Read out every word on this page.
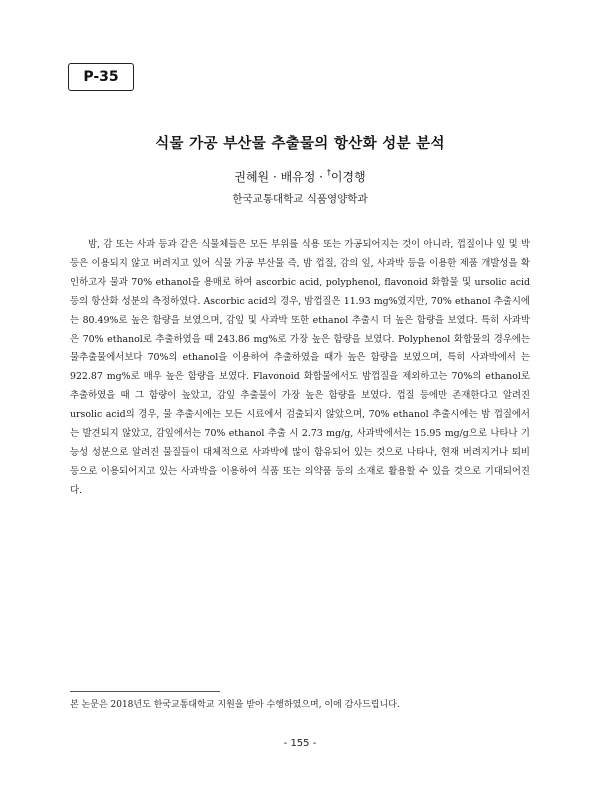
P-35
식물 가공 부산물 추출물의 항산화 성분 분석
권혜원 · 배유정 · †이경행
한국교통대학교 식품영양학과

밤, 감 또는 사과 등과 같은 식물체들은 모든 부위를 식용 또는 가공되어지는 것이 아니라, 껍질이나 잎 및 박 등은 이용되지 않고 버려지고 있어 식물 가공 부산물 즉, 밤 껍질, 감의 잎, 사과박 등을 이용한 제품 개발성을 확인하고자 물과 70% ethanol을 용매로 하여 ascorbic acid, polyphenol, flavonoid 화합물 및 ursolic acid 등의 항산화 성분의 측정하였다. Ascorbic acid의 경우, 밤껍질은 11.93 mg%였지만, 70% ethanol 추출시에는 80.49%로 높은 함량을 보였으며, 감잎 및 사과박 또한 ethanol 추출시 더 높은 함량을 보였다. 특히 사과박은 70% ethanol로 추출하였을 때 243.86 mg%로 가장 높은 함량을 보였다. Polyphenol 화합물의 경우에는 물추출물에서보다 70%의 ethanol을 이용하여 추출하였을 때가 높은 함량을 보였으며, 특히 사과박에서 는 922.87 mg%로 매우 높은 함량을 보였다. Flavonoid 화합물에서도 밤껍질을 제외하고는 70%의 ethanol로 추출하였을 때 그 함량이 높았고, 감잎 추출물이 가장 높은 함량을 보였다. 껍질 등에만 존재한다고 알려진 ursolic acid의 경우, 물 추출시에는 모든 시료에서 검출되지 않았으며, 70% ethanol 추출시에는 밤 껍질에서는 발견되지 않았고, 감잎에서는 70% ethanol 추출 시 2.73 mg/g, 사과박에서는 15.95 mg/g으로 나타나 기능성 성분으로 알려진 물질들이 대체적으로 사과박에 많이 함유되어 있는 것으로 나타나, 현재 버려지거나 퇴비 등으로 이용되어지고 있는 사과박을 이용하여 식품 또는 의약품 등의 소재로 활용할 수 있을 것으로 기대되어진다.

본 논문은 2018년도 한국교통대학교 지원을 받아 수행하였으며, 이에 감사드립니다.
- 155 -
